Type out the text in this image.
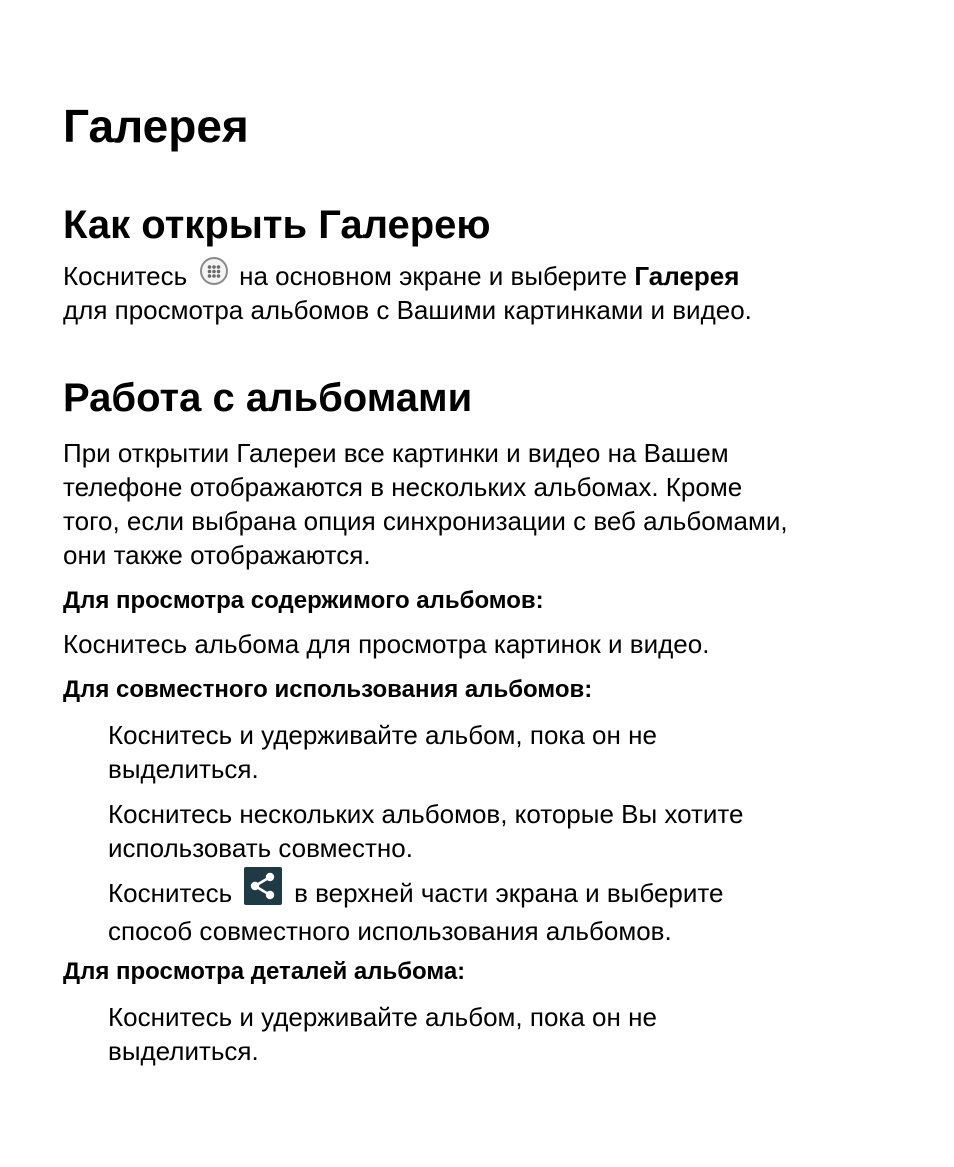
Галерея
Как открыть Галерею

Коснитесь на основном экране и выберите Галерея
для просмотра альбомов с Вашими картинками и видео.

Работа с альбомами

При открытии Галереи все картинки и видео на Вашем
телефоне отображаются в нескольких альбомах. Кроме
того, если выбрана опция синхронизации с веб альбомами,
они также отображаются.

Для просмотра содержимого альбомов:

Коснитесь альбома для просмотра картинок и видео.

Для совместного использования альбомов:

Коснитесь и удерживайте альбом, пока он не
выделиться.

Коснитесь нескольких альбомов, которые Вы хотите
использовать совместно.

Коснитесь в верхней части экрана и выберите
способ совместного использования альбомов.

Для просмотра деталей альбома:

Коснитесь и удерживайте альбом, пока он не
выделиться.
